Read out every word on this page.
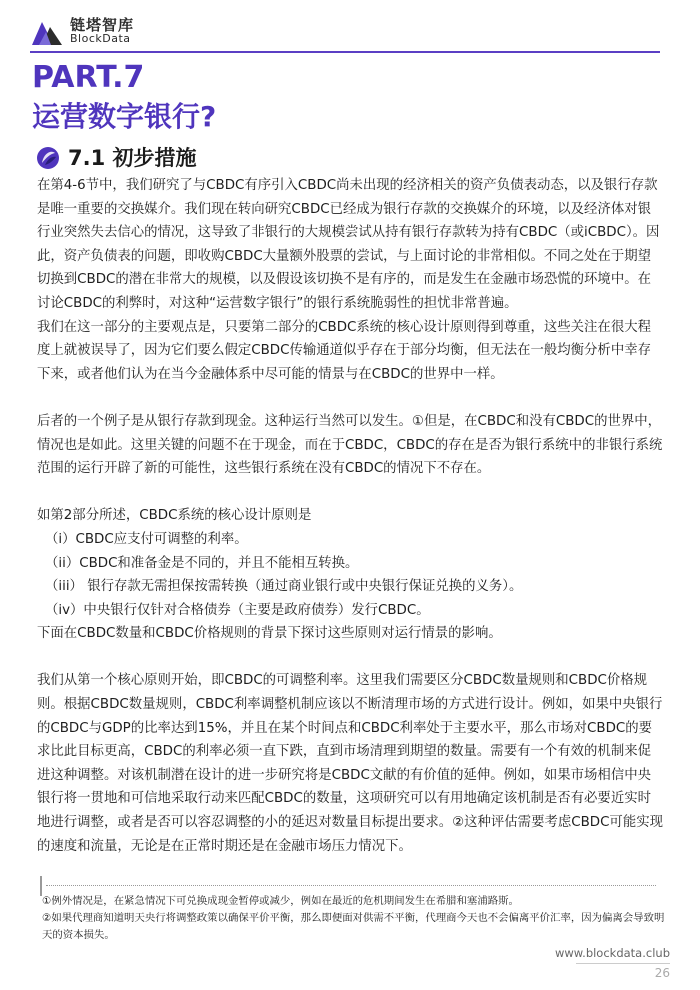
链塔智库
BlockData
PART.7
运营数字银行?
7.1 初步措施

在第4-6节中，我们研究了与CBDC有序引入CBDC尚未出现的经济相关的资产负债表动态，以及银行存款是唯一重要的交换媒介。我们现在转向研究CBDC已经成为银行存款的交换媒介的环境，以及经济体对银行业突然失去信心的情况，这导致了非银行的大规模尝试从持有银行存款转为持有CBDC（或iCBDC）。因此，资产负债表的问题，即收购CBDC大量额外股票的尝试，与上面讨论的非常相似。不同之处在于期望切换到CBDC的潜在非常大的规模，以及假设该切换不是有序的，而是发生在金融市场恐慌的环境中。在讨论CBDC的利弊时，对这种“运营数字银行”的银行系统脆弱性的担忧非常普遍。

我们在这一部分的主要观点是，只要第二部分的CBDC系统的核心设计原则得到尊重，这些关注在很大程度上就被误导了，因为它们要么假定CBDC传输通道似乎存在于部分均衡，但无法在一般均衡分析中幸存下来，或者他们认为在当今金融体系中尽可能的情景与在CBDC的世界中一样。

后者的一个例子是从银行存款到现金。这种运行当然可以发生。①但是，在CBDC和没有CBDC的世界中，情况也是如此。这里关键的问题不在于现金，而在于CBDC，CBDC的存在是否为银行系统中的非银行系统范围的运行开辟了新的可能性，这些银行系统在没有CBDC的情况下不存在。

如第2部分所述，CBDC系统的核心设计原则是

（i）CBDC应支付可调整的利率。

（ii）CBDC和准备金是不同的，并且不能相互转换。

（iii） 银行存款无需担保按需转换（通过商业银行或中央银行保证兑换的义务）。

（iv）中央银行仅针对合格债券（主要是政府债券）发行CBDC。

下面在CBDC数量和CBDC价格规则的背景下探讨这些原则对运行情景的影响。

我们从第一个核心原则开始，即CBDC的可调整利率。这里我们需要区分CBDC数量规则和CBDC价格规则。根据CBDC数量规则，CBDC利率调整机制应该以不断清理市场的方式进行设计。例如，如果中央银行的CBDC与GDP的比率达到15%，并且在某个时间点和CBDC利率处于主要水平，那么市场对CBDC的要求比此目标更高，CBDC的利率必须一直下跌，直到市场清理到期望的数量。需要有一个有效的机制来促进这种调整。对该机制潜在设计的进一步研究将是CBDC文献的有价值的延伸。例如，如果市场相信中央银行将一贯地和可信地采取行动来匹配CBDC的数量，这项研究可以有用地确定该机制是否有必要近实时地进行调整，或者是否可以容忍调整的小的延迟对数量目标提出要求。②这种评估需要考虑CBDC可能实现的速度和流量，无论是在正常时期还是在金融市场压力情况下。

①例外情况是，在紧急情况下可兑换成现金暂停或减少，例如在最近的危机期间发生在希腊和塞浦路斯。

②如果代理商知道明天央行将调整政策以确保平价平衡，那么即便面对供需不平衡，代理商今天也不会偏离平价汇率，因为偏离会导致明天的资本损失。

www.blockdata.club
26
